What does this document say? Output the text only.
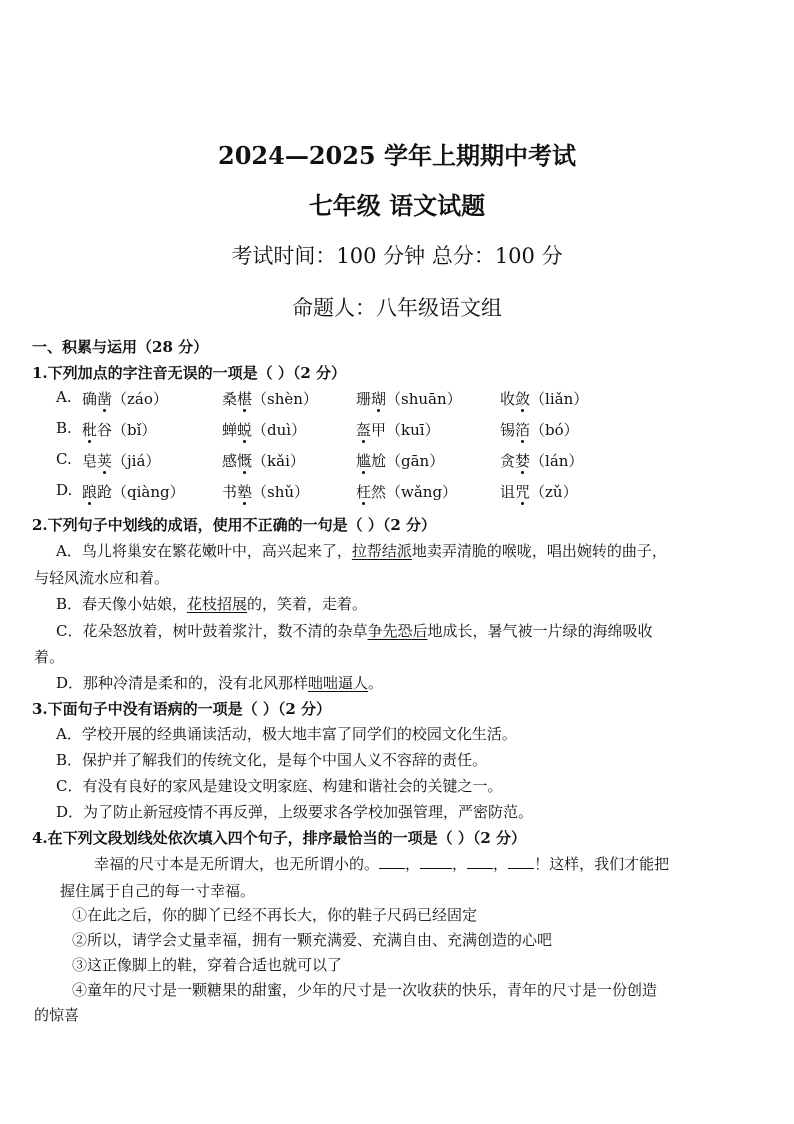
2024—2025 学年上期期中考试
七年级 语文试题
考试时间：100 分钟 总分：100 分
命题人：八年级语文组
一、积累与运用（28 分）
1.下列加点的字注音无误的一项是（ ）（2 分）
A. 确凿（záo）	桑椹（shèn）	珊瑚（shuān）	收敛（liǎn）
B. 秕谷（bǐ）	蝉蜕（duì）	盔甲（kuī）	锡箔（bó）
C. 皂荚（jiá）	感慨（kǎi）	尴尬（gān）	贪婪（lán）
D. 踉跄（qiàng） 书塾（shǔ）	枉然（wǎng）	诅咒（zǔ）
2.下列句子中划线的成语，使用不正确的一句是（ ）（2 分）
A．鸟儿将巢安在繁花嫩叶中，高兴起来了，拉帮结派地卖弄清脆的喉咙，唱出婉转的曲子，
与轻风流水应和着。
B．春天像小姑娘，花枝招展的，笑着，走着。
C．花朵怒放着，树叶鼓着浆汁，数不清的杂草争先恐后地成长，暑气被一片绿的海绵吸收
着。
D．那种冷清是柔和的，没有北风那样咄咄逼人。
3.下面句子中没有语病的一项是（ ）（2 分）
A．学校开展的经典诵读活动，极大地丰富了同学们的校园文化生活。
B．保护并了解我们的传统文化，是每个中国人义不容辞的责任。
C．有没有良好的家风是建设文明家庭、构建和谐社会的关键之一。
D．为了防止新冠疫情不再反弹，上级要求各学校加强管理，严密防范。
4.在下列文段划线处依次填入四个句子，排序最恰当的一项是（ ）（2 分）
幸福的尺寸本是无所谓大，也无所谓小的。 ， ， ， ！这样，我们才能把
握住属于自己的每一寸幸福。
①在此之后，你的脚丫已经不再长大，你的鞋子尺码已经固定
②所以，请学会丈量幸福，拥有一颗充满爱、充满自由、充满创造的心吧
③这正像脚上的鞋，穿着合适也就可以了
④童年的尺寸是一颗糖果的甜蜜，少年的尺寸是一次收获的快乐，青年的尺寸是一份创造
的惊喜
